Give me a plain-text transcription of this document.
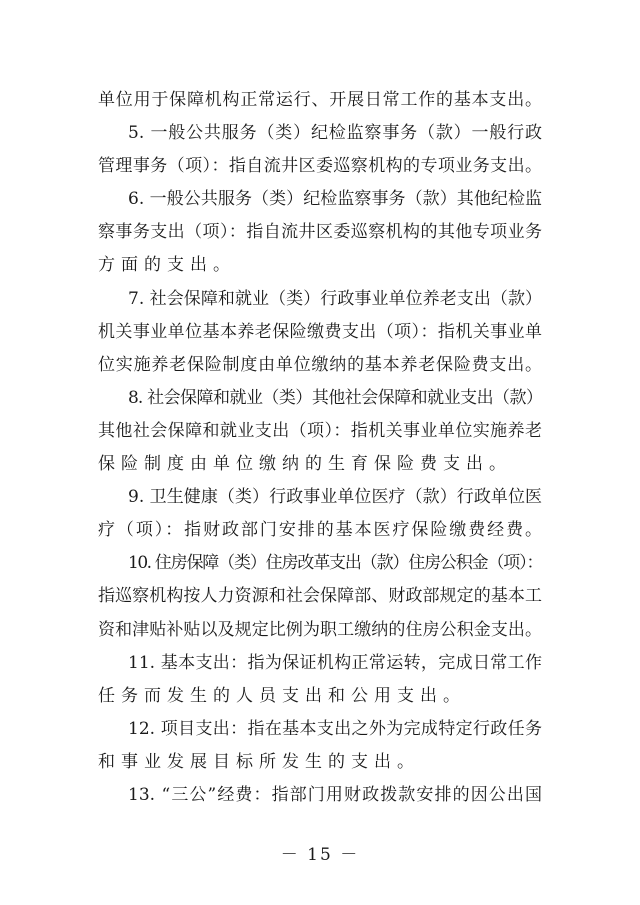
单位用于保障机构正常运行、开展日常工作的基本支出。
5. 一般公共服务（类）纪检监察事务（款）一般行政
管理事务（项）：指自流井区委巡察机构的专项业务支出。
6. 一般公共服务（类）纪检监察事务（款）其他纪检监
察事务支出（项）：指自流井区委巡察机构的其他专项业务
方面的支出。
7. 社会保障和就业（类）行政事业单位养老支出（款）
机关事业单位基本养老保险缴费支出（项）：指机关事业单
位实施养老保险制度由单位缴纳的基本养老保险费支出。
8. 社会保障和就业（类）其他社会保障和就业支出（款）
其他社会保障和就业支出（项）：指机关事业单位实施养老
保险制度由单位缴纳的生育保险费支出。
9. 卫生健康（类）行政事业单位医疗（款）行政单位医
疗（项）：指财政部门安排的基本医疗保险缴费经费。
10. 住房保障（类）住房改革支出（款）住房公积金（项）：
指巡察机构按人力资源和社会保障部、财政部规定的基本工
资和津贴补贴以及规定比例为职工缴纳的住房公积金支出。
11. 基本支出：指为保证机构正常运转，完成日常工作
任务而发生的人员支出和公用支出。
12. 项目支出：指在基本支出之外为完成特定行政任务
和事业发展目标所发生的支出。
13. “三公”经费：指部门用财政拨款安排的因公出国
－ 15 －
